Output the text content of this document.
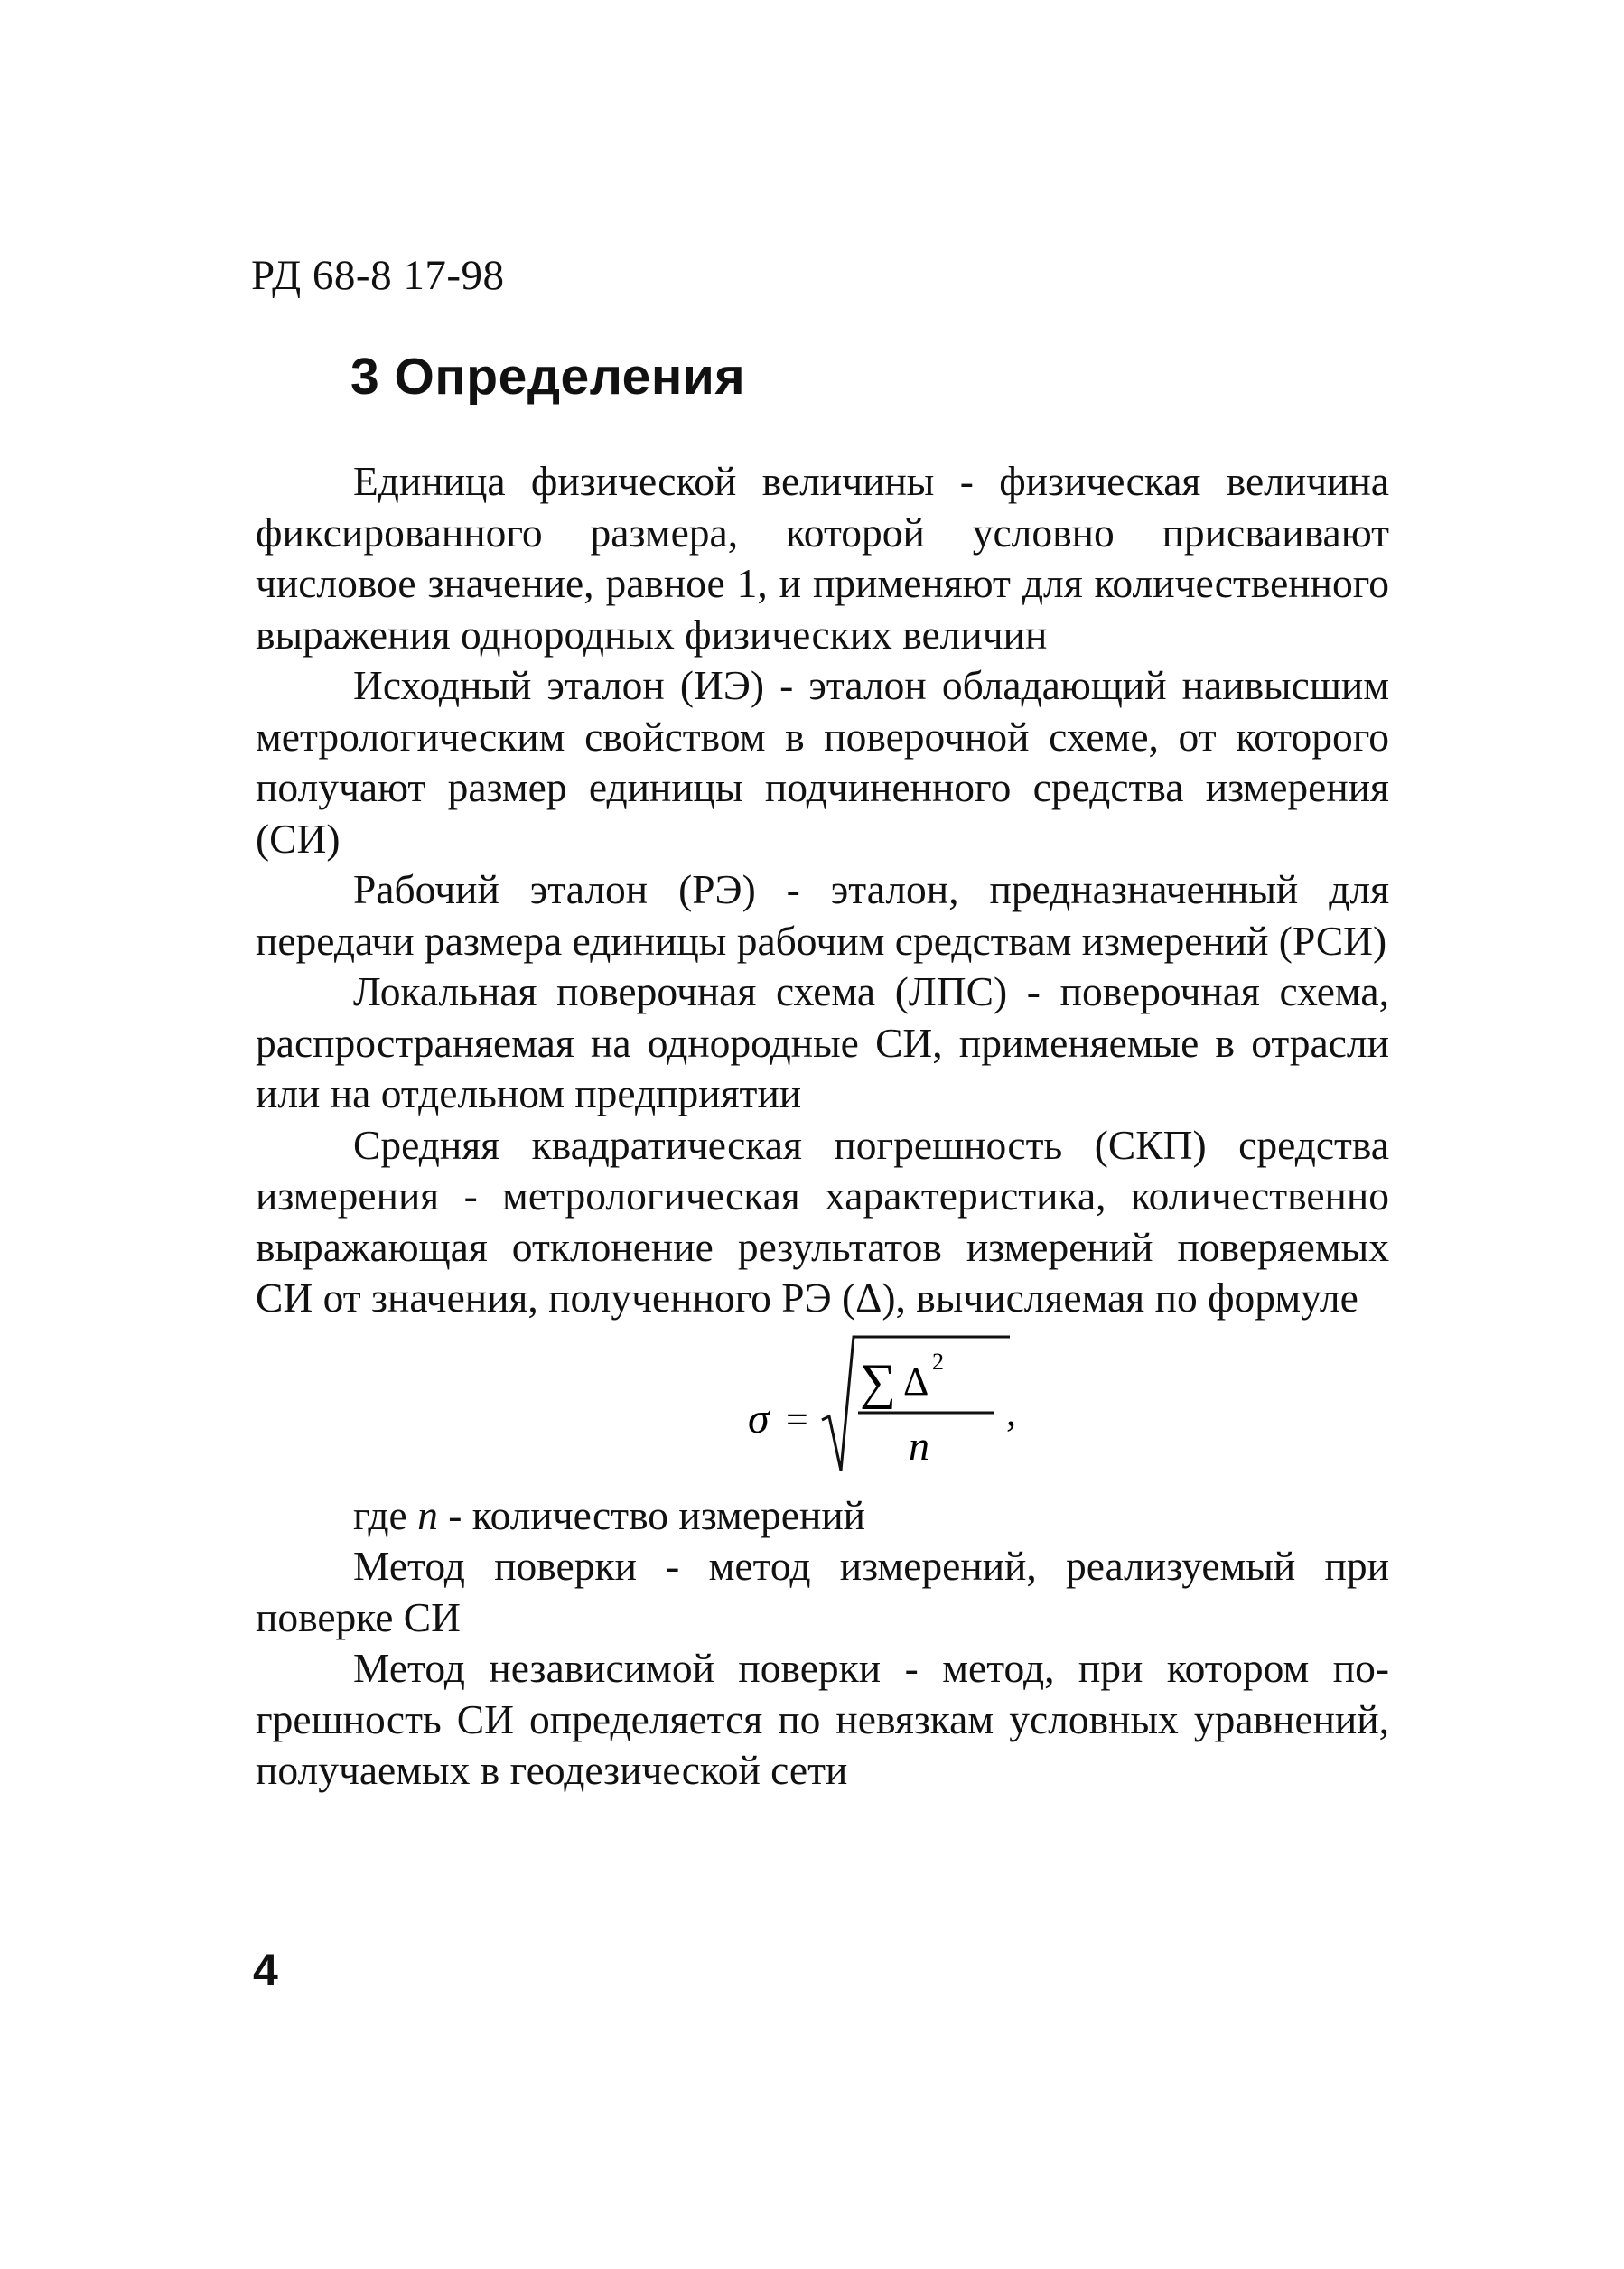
РД 68-8 17-98
3 Определения

Единица физической величины - физическая величина фиксированного размера, которой условно присваивают числовое значение, равное 1, и применяют для количественного выражения однородных физических величин

Исходный эталон (ИЭ) - эталон обладающий наивысшим метрологическим свойством в поверочной схеме, от которого получают размер единицы подчиненного средства измерения (СИ)

Рабочий эталон (РЭ) - эталон, предназначенный для передачи размера единицы рабочим средствам измерений (РСИ)

Локальная поверочная схема (ЛПС) - поверочная схема, распространяемая на однородные СИ, применяемые в отрасли или на отдельном предприятии

Средняя квадратическая погрешность (СКП) средства измерения - метрологическая характеристика, количественно выражающая отклонение результатов измерений поверяемых СИ от значения, полученного РЭ (Δ), вычисляемая по формуле

σ =
∑ Δ 2
n
,

где n - количество измерений

Метод поверки - метод измерений, реализуемый при поверке СИ

Метод независимой поверки - метод, при котором погрешность СИ определяется по невязкам условных уравнений, получаемых в геодезической сети

4
